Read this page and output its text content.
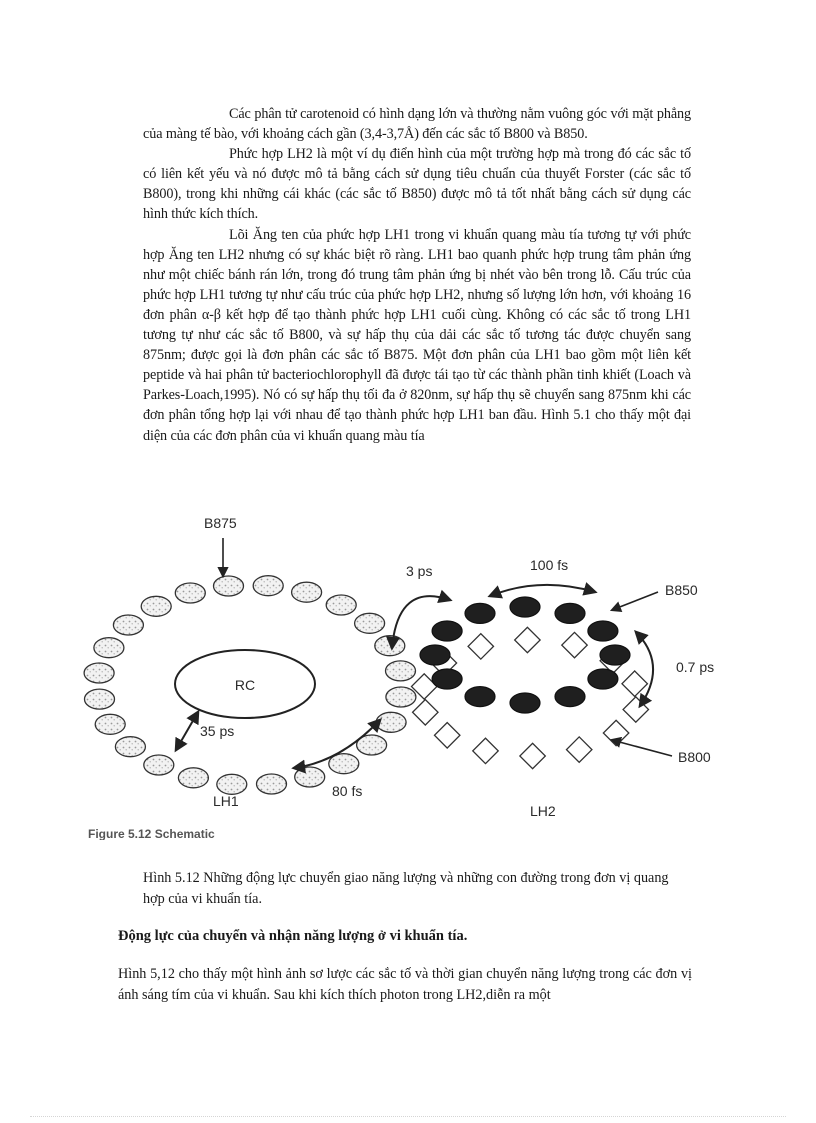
Các phân tử carotenoid có hình dạng lớn và thường nằm vuông góc với mặt phẳng của màng tế bào, với khoảng cách gần (3,4-3,7Å) đến các sắc tố B800 và B850.

Phức hợp LH2 là một ví dụ điển hình của một trường hợp mà trong đó các sắc tố có liên kết yếu và nó được mô tả bằng cách sử dụng tiêu chuẩn của thuyết Forster (các sắc tố B800), trong khi những cái khác (các sắc tố B850) được mô tả tốt nhất bằng cách sử dụng các hình thức kích thích.

Lõi Ăng ten của phức hợp LH1 trong vi khuẩn quang màu tía tương tự với phức hợp Ăng ten LH2 nhưng có sự khác biệt rõ ràng. LH1 bao quanh phức hợp trung tâm phản ứng như một chiếc bánh rán lớn, trong đó trung tâm phản ứng bị nhét vào bên trong lỗ. Cấu trúc của phức hợp LH1 tương tự như cấu trúc của phức hợp LH2, nhưng số lượng lớn hơn, với khoảng 16 đơn phân α-β kết hợp để tạo thành phức hợp LH1 cuối cùng. Không có các sắc tố trong LH1 tương tự như các sắc tố B800, và sự hấp thụ của dải các sắc tố tương tác được chuyển sang 875nm; được gọi là đơn phân các sắc tố B875. Một đơn phân của LH1 bao gồm một liên kết peptide và hai phân tử bacteriochlorophyll đã được tái tạo từ các thành phần tinh khiết (Loach và Parkes-Loach,1995). Nó có sự hấp thụ tối đa ở 820nm, sự hấp thụ sẽ chuyển sang 875nm khi các đơn phân tổng hợp lại với nhau để tạo thành phức hợp LH1 ban đầu. Hình 5.1 cho thấy một đại diện của các đơn phân của vi khuẩn quang màu tía

RC
B875
35 ps
80 fs
LH1
3 ps	100 fs
B850
0.7 ps
B800
LH2
Figure 5.12 Schematic

Hình 5.12 Những động lực chuyển giao năng lượng và những con đường trong đơn vị quang hợp của vi khuẩn tía.

Động lực của chuyển và nhận năng lượng ở vi khuẩn tía.

Hình 5,12 cho thấy một hình ảnh sơ lược các sắc tố và thời gian chuyển năng lượng trong các đơn vị ánh sáng tím của vi khuẩn. Sau khi kích thích photon trong LH2,diễn ra một
